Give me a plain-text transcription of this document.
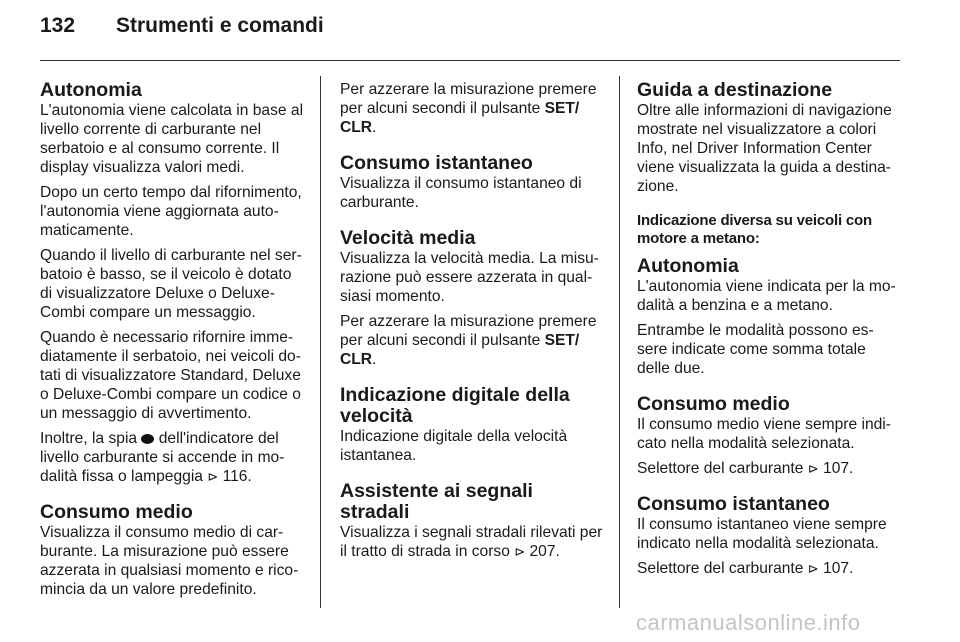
132 Strumenti e comandi
Autonomia

L'autonomia viene calcolata in base al livello corrente di carburante nel serbatoio e al consumo corrente. Il display visualizza valori medi.

Dopo un certo tempo dal rifornimento, l'autonomia viene aggiornata auto-maticamente.

Quando il livello di carburante nel ser-batoio è basso, se il veicolo è dotato di visualizzatore Deluxe o Deluxe-Combi compare un messaggio.

Quando è necessario rifornire imme-diatamente il serbatoio, nei veicoli do-tati di visualizzatore Standard, Deluxe o Deluxe-Combi compare un codice o un messaggio di avvertimento.

Inoltre, la spia  dell'indicatore del livello carburante si accende in mo-dalità fissa o lampeggia ⊳ 116.

Consumo medio

Visualizza il consumo medio di car-burante. La misurazione può essere azzerata in qualsiasi momento e rico-mincia da un valore predefinito.

Per azzerare la misurazione premere per alcuni secondi il pulsante SET/ CLR.

Consumo istantaneo

Visualizza il consumo istantaneo di carburante.

Velocità media

Visualizza la velocità media. La misu-razione può essere azzerata in qual-siasi momento.

Per azzerare la misurazione premere per alcuni secondi il pulsante SET/ CLR.

Indicazione digitale della velocità

Indicazione digitale della velocità istantanea.

Assistente ai segnali stradali

Visualizza i segnali stradali rilevati per il tratto di strada in corso ⊳ 207.

Guida a destinazione

Oltre alle informazioni di navigazione mostrate nel visualizzatore a colori Info, nel Driver Information Center viene visualizzata la guida a destina-zione.

Indicazione diversa su veicoli con motore a metano:
Autonomia

L'autonomia viene indicata per la mo-dalità a benzina e a metano.

Entrambe le modalità possono es-sere indicate come somma totale delle due.

Consumo medio

Il consumo medio viene sempre indi-cato nella modalità selezionata.

Selettore del carburante ⊳ 107.

Consumo istantaneo

Il consumo istantaneo viene sempre indicato nella modalità selezionata.

Selettore del carburante ⊳ 107.

carmanualsonline.info
